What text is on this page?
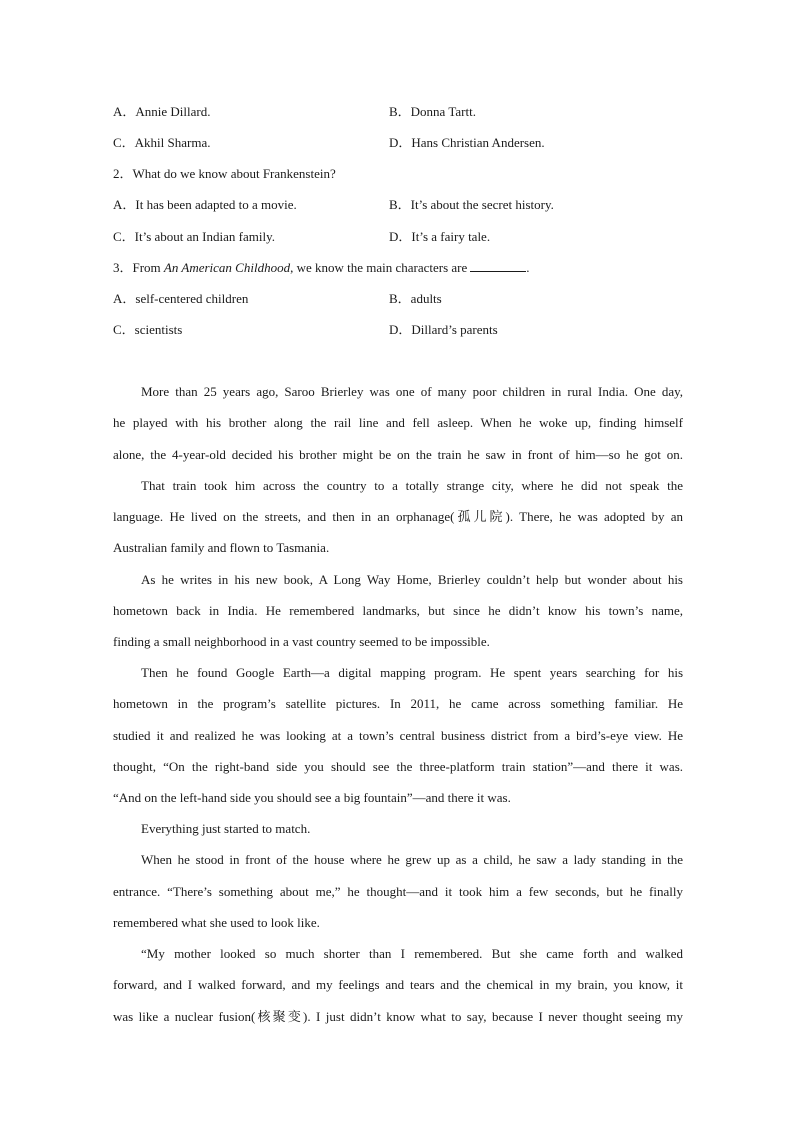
A．Annie Dillard.	B．Donna Tartt.
C．Akhil Sharma.	D．Hans Christian Andersen.
2．What do we know about Frankenstein?
A．It has been adapted to a movie.	B．It’s about the secret history.
C．It’s about an Indian family.	D．It’s a fairy tale.
3．From An American Childhood, we know the main characters are	.
A．self-centered children	B．adults
C．scientists	D．Dillard’s parents
More than 25 years ago, Saroo Brierley was one of many poor children in rural India. One day,
he played with his brother along the rail line and fell asleep. When he woke up, finding himself
alone, the 4-year-old decided his brother might be on the train he saw in front of him—so he got on.
That train took him across the country to a totally strange city, where he did not speak the
language. He lived on the streets, and then in an orphanage(孤儿院). There, he was adopted by an
Australian family and flown to Tasmania.
As he writes in his new book, A Long Way Home, Brierley couldn’t help but wonder about his
hometown back in India. He remembered landmarks, but since he didn’t know his town’s name,
finding a small neighborhood in a vast country seemed to be impossible.
Then he found Google Earth—a digital mapping program. He spent years searching for his
hometown in the program’s satellite pictures. In 2011, he came across something familiar. He
studied it and realized he was looking at a town’s central business district from a bird’s-eye view. He
thought, “On the right-band side you should see the three-platform train station”—and there it was.
“And on the left-hand side you should see a big fountain”—and there it was.
Everything just started to match.
When he stood in front of the house where he grew up as a child, he saw a lady standing in the
entrance. “There’s something about me,” he thought—and it took him a few seconds, but he finally
remembered what she used to look like.
“My mother looked so much shorter than I remembered. But she came forth and walked
forward, and I walked forward, and my feelings and tears and the chemical in my brain, you know, it
was like a nuclear fusion(核聚变). I just didn’t know what to say, because I never thought seeing my
